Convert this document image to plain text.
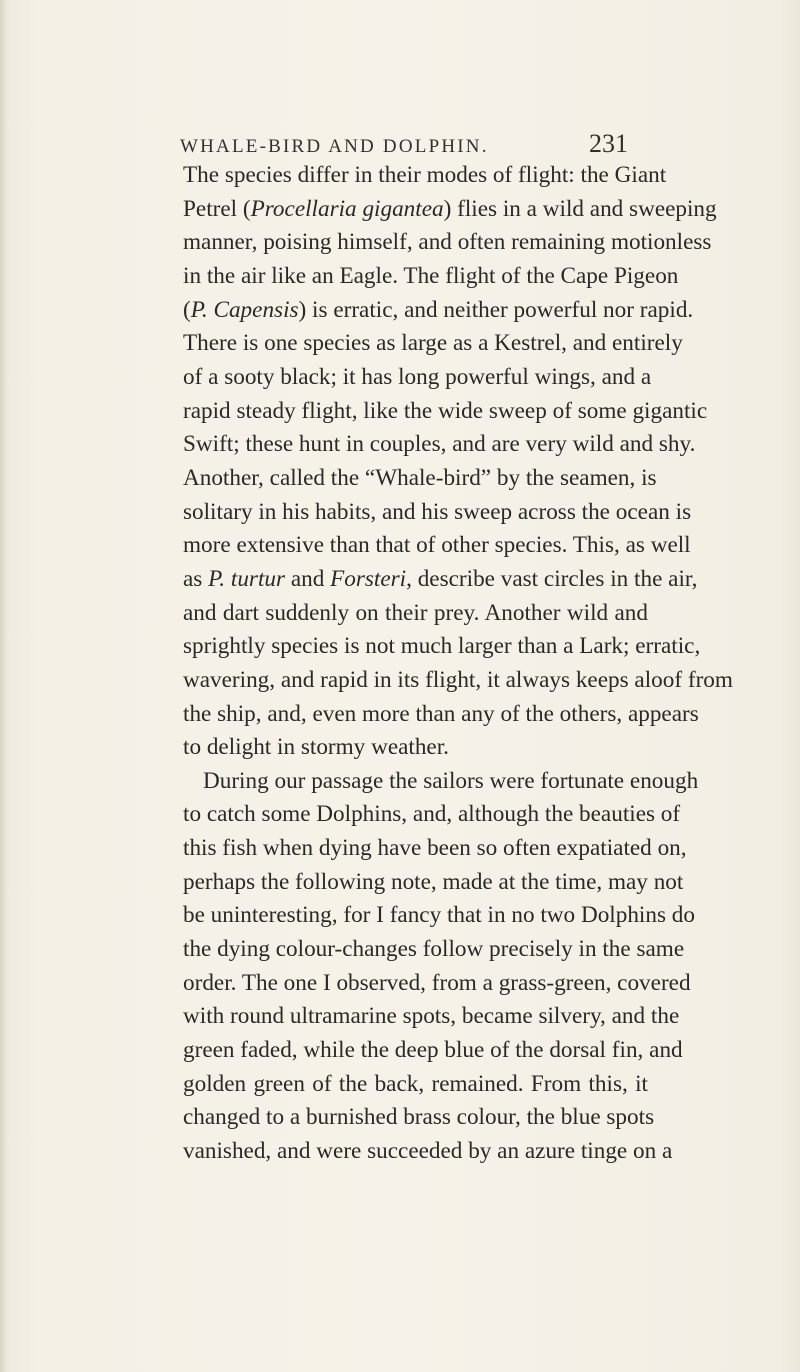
WHALE-BIRD AND DOLPHIN.	231
The species differ in their modes of flight: the Giant
Petrel (Procellaria gigantea) flies in a wild and sweeping
manner, poising himself, and often remaining motionless
in the air like an Eagle. The flight of the Cape Pigeon
(P. Capensis) is erratic, and neither powerful nor rapid.
There is one species as large as a Kestrel, and entirely
of a sooty black; it has long powerful wings, and a
rapid steady flight, like the wide sweep of some gigantic
Swift; these hunt in couples, and are very wild and shy.
Another, called the “Whale-bird” by the seamen, is
solitary in his habits, and his sweep across the ocean is
more extensive than that of other species. This, as well
as P. turtur and Forsteri, describe vast circles in the air,
and dart suddenly on their prey. Another wild and
sprightly species is not much larger than a Lark; erratic,
wavering, and rapid in its flight, it always keeps aloof from
the ship, and, even more than any of the others, appears
to delight in stormy weather.
During our passage the sailors were fortunate enough
to catch some Dolphins, and, although the beauties of
this fish when dying have been so often expatiated on,
perhaps the following note, made at the time, may not
be uninteresting, for I fancy that in no two Dolphins do
the dying colour-changes follow precisely in the same
order. The one I observed, from a grass-green, covered
with round ultramarine spots, became silvery, and the
green faded, while the deep blue of the dorsal fin, and
golden green of the back, remained. From this, it
changed to a burnished brass colour, the blue spots
vanished, and were succeeded by an azure tinge on a
